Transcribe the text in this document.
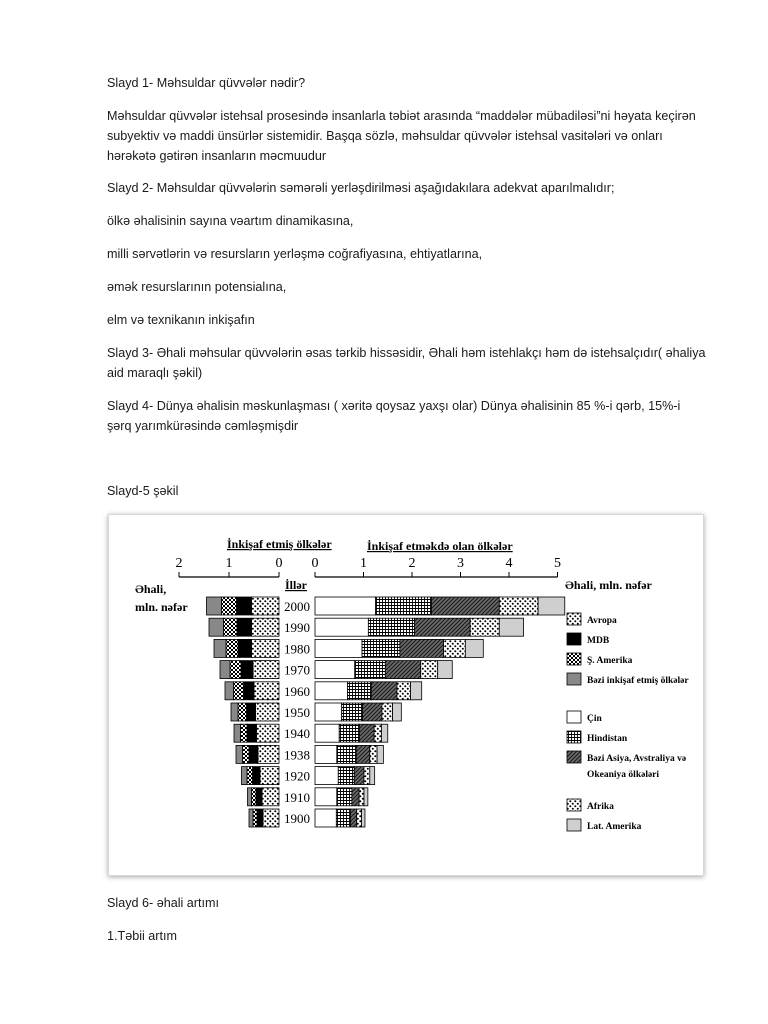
Slayd 1- Məhsuldar qüvvələr nədir?

Məhsuldar qüvvələr istehsal prosesində insanlarla təbiət arasında “maddələr mübadiləsi”ni həyata keçirən subyektiv və maddi ünsürlər sistemidir. Başqa sözlə, məhsuldar qüvvələr istehsal vasitələri və onları hərəkətə gətirən insanların məcmuudur

Slayd 2- Məhsuldar qüvvələrin səmərəli yerləşdirilməsi aşağıdakılara adekvat aparılmalıdır;

ölkə əhalisinin sayına vəartım dinamikasına,

milli sərvətlərin və resursların yerləşmə coğrafiyasına, ehtiyatlarına,

əmək resurslarının potensialına,

elm və texnikanın inkişafın

Slayd 3- Əhali məhsular qüvvələrin əsas tərkib hissəsidir, Əhali həm istehlakçı həm də istehsalçıdır( əhaliya aid maraqlı şəkil)

Slayd 4- Dünya əhalisin məskunlaşması ( xəritə qoysaz yaxşı olar) Dünya əhalisinin 85 %-i qərb, 15%-i şərq yarımkürəsində cəmləşmişdir

Slayd-5 şəkil

İnkişaf etmiş ölkələr	İnkişaf etməkdə olan ölkələr
2	1	0 0	1	2	3	4	5
Əhali,
mln. nəfər
Əhali, mln. nəfər
İllər
2000
1990
1980
1970
1960
1950
1940
1938
1920
1910
1900
Avropa
MDB
Ş. Amerika
Bəzi inkişaf etmiş ölkələr
Çin
Hindistan
Bəzi Asiya, Avstraliya və
Okeaniya ölkələri
Afrika
Lat. Amerika

Slayd 6- əhali artımı

1.Təbii artım
